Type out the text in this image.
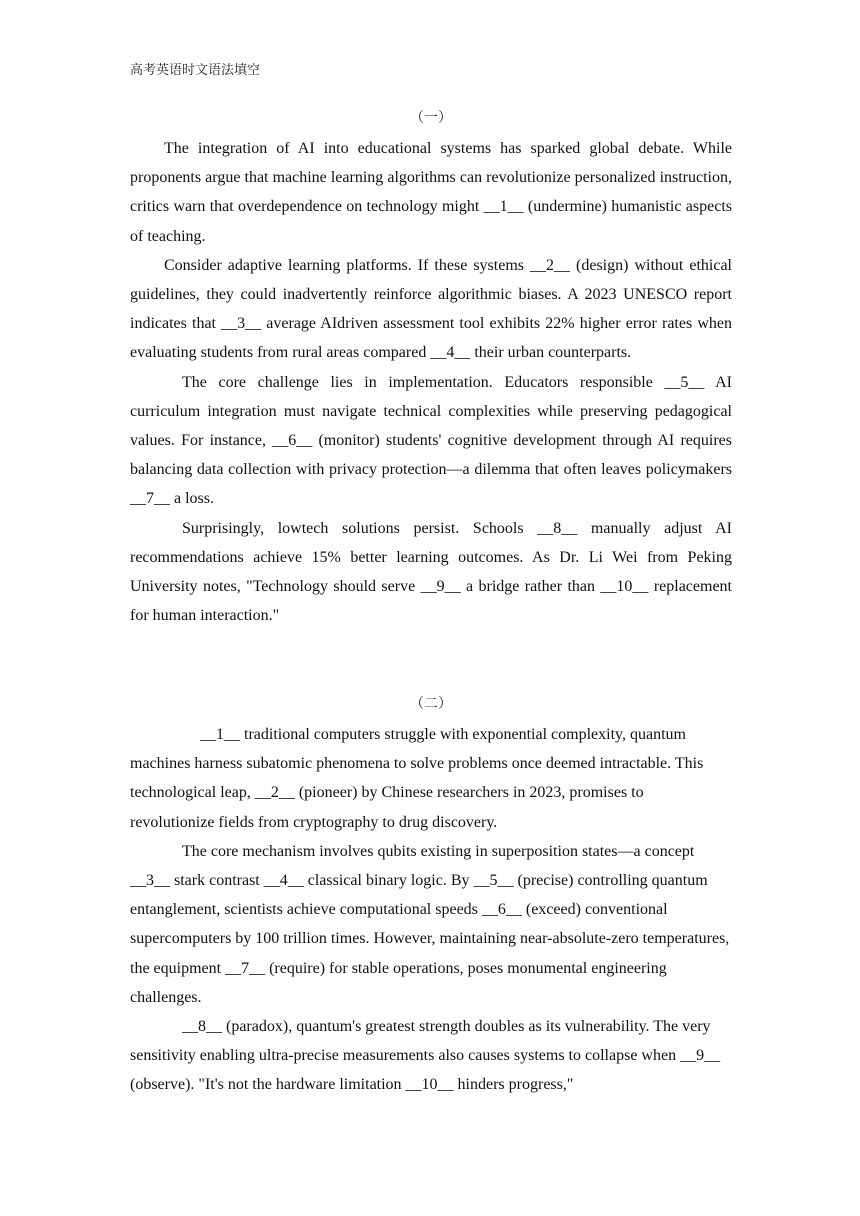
高考英语时文语法填空
（一）

The integration of AI into educational systems has sparked global debate. While proponents argue that machine learning algorithms can revolutionize personalized instruction, critics warn that overdependence on technology might __1__ (undermine) humanistic aspects of teaching.

Consider adaptive learning platforms. If these systems __2__ (design) without ethical guidelines, they could inadvertently reinforce algorithmic biases. A 2023 UNESCO report indicates that __3__ average AIdriven assessment tool exhibits 22% higher error rates when evaluating students from rural areas compared __4__ their urban counterparts.

The core challenge lies in implementation. Educators responsible __5__ AI curriculum integration must navigate technical complexities while preserving pedagogical values. For instance, __6__ (monitor) students' cognitive development through AI requires balancing data collection with privacy protection—a dilemma that often leaves policymakers __7__ a loss.

Surprisingly, lowtech solutions persist. Schools __8__ manually adjust AI recommendations achieve 15% better learning outcomes. As Dr. Li Wei from Peking University notes, "Technology should serve __9__ a bridge rather than __10__ replacement for human interaction."

（二）

__1__ traditional computers struggle with exponential complexity, quantum machines harness subatomic phenomena to solve problems once deemed intractable. This technological leap, __2__ (pioneer) by Chinese researchers in 2023, promises to revolutionize fields from cryptography to drug discovery.

The core mechanism involves qubits existing in superposition states—a concept __3__ stark contrast __4__ classical binary logic. By __5__ (precise) controlling quantum entanglement, scientists achieve computational speeds __6__ (exceed) conventional supercomputers by 100 trillion times. However, maintaining near-absolute-zero temperatures, the equipment __7__ (require) for stable operations, poses monumental engineering challenges.

__8__ (paradox), quantum's greatest strength doubles as its vulnerability. The very sensitivity enabling ultra-precise measurements also causes systems to collapse when __9__ (observe). "It's not the hardware limitation __10__ hinders progress,"
